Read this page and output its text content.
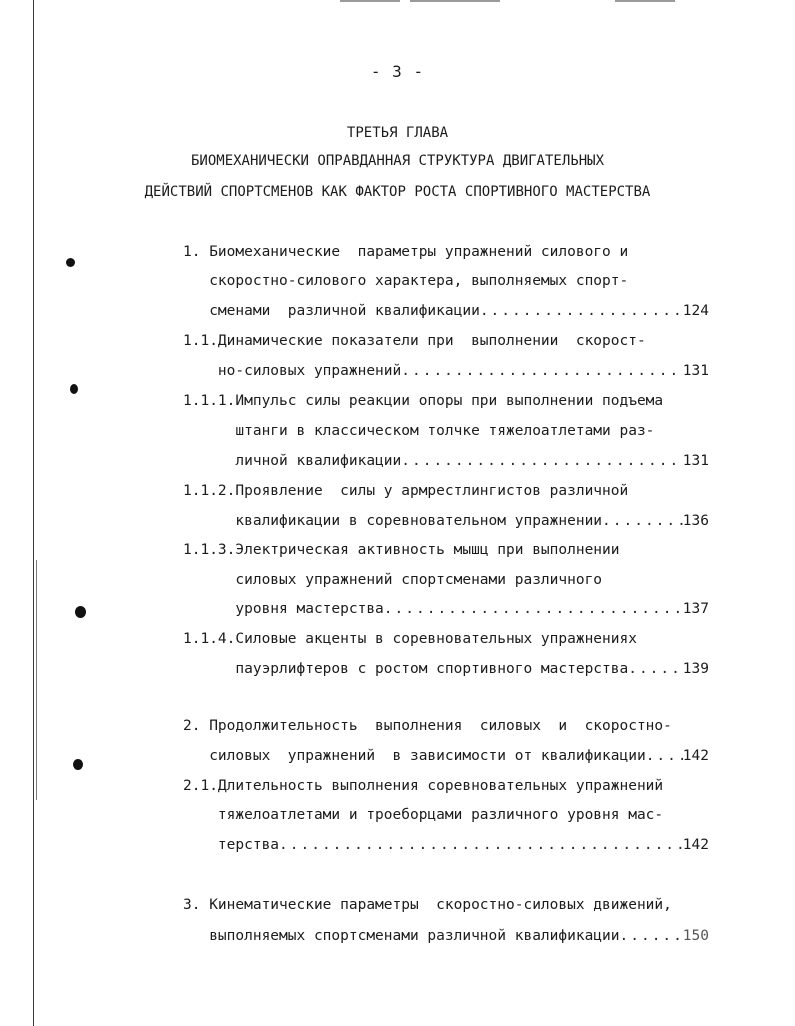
- 3 -
ТРЕТЬЯ ГЛАВА
БИОМЕХАНИЧЕСКИ ОПРАВДАННАЯ СТРУКТУРА ДВИГАТЕЛЬНЫХ
ДЕЙСТВИЙ СПОРТСМЕНОВ КАК ФАКТОР РОСТА СПОРТИВНОГО МАСТЕРСТВА
1. Биомеханические  параметры упражнений силового и
скоростно-силового характера, выполняемых спорт-
сменами  различной квалификации .....	124
1.1.Динамические показатели при  выполнении  скорост-
но-силовых упражнений .....	131
1.1.1.Импульс силы реакции опоры при выполнении подъема
штанги в классическом толчке тяжелоатлетами раз-
личной квалификации .....	131
1.1.2.Проявление  силы у армрестлингистов различной
квалификации в соревновательном упражнении .....	136
1.1.3.Электрическая активность мышц при выполнении
силовых упражнений спортсменами различного
уровня мастерства .....	137
1.1.4.Силовые акценты в соревновательных упражнениях
пауэрлифтеров с ростом спортивного мастерства .....	139
2. Продолжительность  выполнения  силовых  и  скоростно-
силовых  упражнений  в зависимости от квалификации .....	142
2.1.Длительность выполнения соревновательных упражнений
тяжелоатлетами и троеборцами различного уровня мас-
терства .....	142
3. Кинематические параметры  скоростно-силовых движений,
выполняемых спортсменами различной квалификации .....	150
